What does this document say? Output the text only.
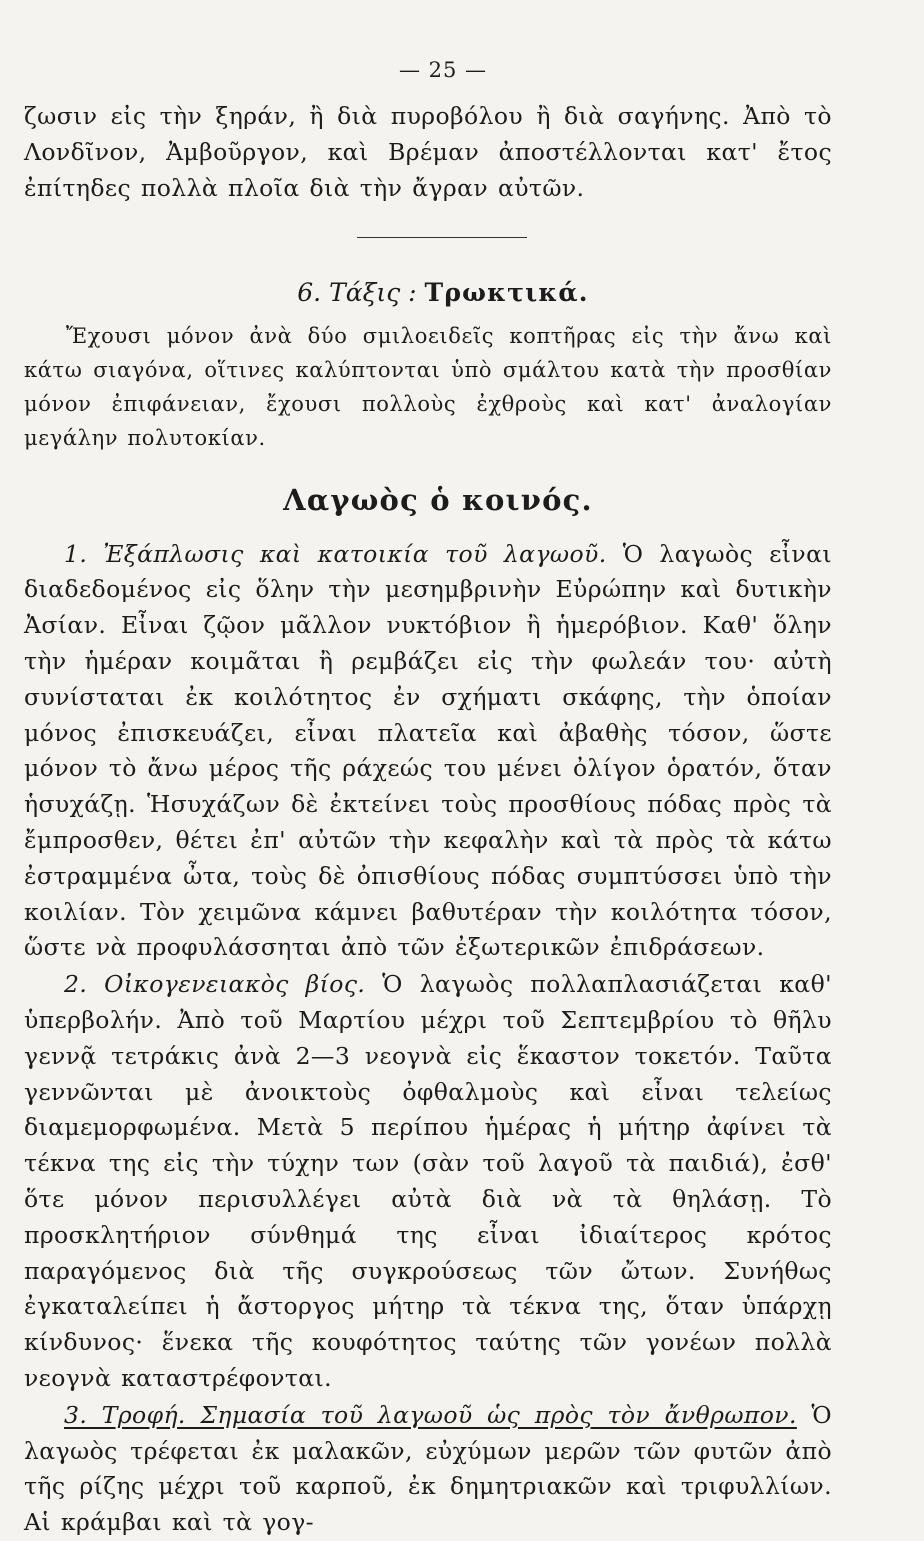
— 25 —

ζωσιν εἰς τὴν ξηράν, ἢ διὰ πυροβόλου ἢ διὰ σαγήνης. Ἀπὸ τὸ Λονδῖνον, Ἀμβοῦργον, καὶ Βρέμαν ἀποστέλλονται κατ' ἔτος ἐπίτηδες πολλὰ πλοῖα διὰ τὴν ἄγραν αὐτῶν.

6. Τάξις : Τρωκτικά.

Ἔχουσι μόνον ἀνὰ δύο σμιλοειδεῖς κοπτῆρας εἰς τὴν ἄνω καὶ κάτω σιαγόνα, οἵτινες καλύπτονται ὑπὸ σμάλτου κατὰ τὴν προσθίαν μόνον ἐπιφάνειαν, ἔχουσι πολλοὺς ἐχθροὺς καὶ κατ' ἀναλογίαν μεγάλην πολυτοκίαν.

Λαγωὸς ὁ κοινός.

1. Ἐξάπλωσις καὶ κατοικία τοῦ λαγωοῦ. Ὁ λαγωὸς εἶναι διαδεδομένος εἰς ὅλην τὴν μεσημβρινὴν Εὐρώπην καὶ δυτικὴν Ἀσίαν. Εἶναι ζῷον μᾶλλον νυκτόβιον ἢ ἡμερόβιον. Καθ' ὅλην τὴν ἡμέραν κοιμᾶται ἢ ρεμβάζει εἰς τὴν φωλεάν του· αὐτὴ συνίσταται ἐκ κοιλότητος ἐν σχήματι σκάφης, τὴν ὁποίαν μόνος ἐπισκευάζει, εἶναι πλατεῖα καὶ ἀβαθὴς τόσον, ὥστε μόνον τὸ ἄνω μέρος τῆς ράχεώς του μένει ὀλίγον ὁρατόν, ὅταν ἡσυχάζῃ. Ἡσυχάζων δὲ ἐκτείνει τοὺς προσθίους πόδας πρὸς τὰ ἔμπροσθεν, θέτει ἐπ' αὐτῶν τὴν κεφαλὴν καὶ τὰ πρὸς τὰ κάτω ἐστραμμένα ὦτα, τοὺς δὲ ὀπισθίους πόδας συμπτύσσει ὑπὸ τὴν κοιλίαν. Τὸν χειμῶνα κάμνει βαθυτέραν τὴν κοιλότητα τόσον, ὥστε νὰ προφυλάσσηται ἀπὸ τῶν ἐξωτερικῶν ἐπιδράσεων.

2. Οἰκογενειακὸς βίος. Ὁ λαγωὸς πολλαπλασιάζεται καθ' ὑπερβολήν. Ἀπὸ τοῦ Μαρτίου μέχρι τοῦ Σεπτεμβρίου τὸ θῆλυ γεννᾷ τετράκις ἀνὰ 2—3 νεογνὰ εἰς ἕκαστον τοκετόν. Ταῦτα γεννῶνται μὲ ἀνοικτοὺς ὀφθαλμοὺς καὶ εἶναι τελείως διαμεμορφωμένα. Μετὰ 5 περίπου ἡμέρας ἡ μήτηρ ἀφίνει τὰ τέκνα της εἰς τὴν τύχην των (σὰν τοῦ λαγοῦ τὰ παιδιά), ἐσθ' ὅτε μόνον περισυλλέγει αὐτὰ διὰ νὰ τὰ θηλάσῃ. Τὸ προσκλητήριον σύνθημά της εἶναι ἰδιαίτερος κρότος παραγόμενος διὰ τῆς συγκρούσεως τῶν ὤτων. Συνήθως ἐγκαταλείπει ἡ ἄστοργος μήτηρ τὰ τέκνα της, ὅταν ὑπάρχῃ κίνδυνος· ἕνεκα τῆς κουφότητος ταύτης τῶν γονέων πολλὰ νεογνὰ καταστρέφονται.

3. Τροφή. Σημασία τοῦ λαγωοῦ ὡς πρὸς τὸν ἄνθρωπον. Ὁ λαγωὸς τρέφεται ἐκ μαλακῶν, εὐχύμων μερῶν τῶν φυτῶν ἀπὸ τῆς ρίζης μέχρι τοῦ καρποῦ, ἐκ δημητριακῶν καὶ τριφυλλίων. Αἱ κράμβαι καὶ τὰ γογ-
